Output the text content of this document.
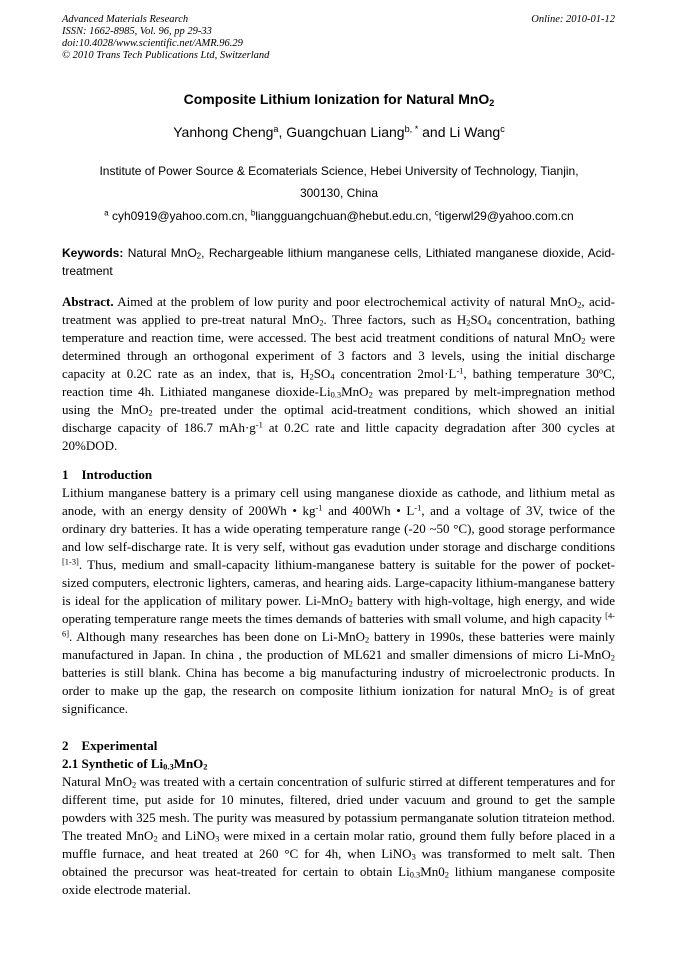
Advanced Materials Research
ISSN: 1662-8985, Vol. 96, pp 29-33
doi:10.4028/www.scientific.net/AMR.96.29
© 2010 Trans Tech Publications Ltd, Switzerland
Online: 2010-01-12
Composite Lithium Ionization for Natural MnO$_2$
Yanhong Cheng$^a$, Guangchuan Liang$^{b, *}$ and Li Wang$^c$
Institute of Power Source & Ecomaterials Science, Hebei University of Technology, Tianjin,
300130, China
$^a$ cyh0919@yahoo.com.cn, $^b$liangguangchuan@hebut.edu.cn, $^c$tigerwl29@yahoo.com.cn
Keywords: Natural MnO$_2$, Rechargeable lithium manganese cells, Lithiated manganese dioxide, Acid-treatment
Abstract. Aimed at the problem of low purity and poor electrochemical activity of natural MnO$_2$, acid-treatment was applied to pre-treat natural MnO$_2$. Three factors, such as $H_2SO_4$ concentration, bathing temperature and reaction time, were accessed. The best acid treatment conditions of natural MnO$_2$ were determined through an orthogonal experiment of 3 factors and 3 levels, using the initial discharge capacity at 0.2C rate as an index, that is, $H_2SO_4$ concentration $2mol\cdot L^{-1}$, bathing temperature 30$^o$C, reaction time 4h. Lithiated manganese dioxide-$Li_{0.3}MnO_2$ was prepared by melt-impregnation method using the MnO$_2$ pre-treated under the optimal acid-treatment conditions, which showed an initial discharge capacity of 186.7 $mAh\cdot g^{-1}$ at 0.2C rate and little capacity degradation after 300 cycles at 20%DOD.
1    Introduction
Lithium manganese battery is a primary cell using manganese dioxide as cathode, and lithium metal as anode, with an energy density of 200Wh • $kg^{-1}$ and 400Wh • $L^{-1}$, and a voltage of 3V, twice of the ordinary dry batteries. It has a wide operating temperature range (-20 ~50 °C), good storage performance and low self-discharge rate. It is very self, without gas evadution under storage and discharge conditions [1-3]. Thus, medium and small-capacity lithium-manganese battery is suitable for the power of pocket-sized computers, electronic lighters, cameras, and hearing aids. Large-capacity lithium-manganese battery is ideal for the application of military power. Li-MnO$_2$ battery with high-voltage, high energy, and wide operating temperature range meets the times demands of batteries with small volume, and high capacity [4-6]. Although many researches has been done on Li-MnO$_2$ battery in 1990s, these batteries were mainly manufactured in Japan. In china , the production of ML621 and smaller dimensions of micro Li-MnO$_2$ batteries is still blank. China has become a big manufacturing industry of microelectronic products. In order to make up the gap, the research on composite lithium ionization for natural MnO$_2$ is of great significance.
2    Experimental
2.1 Synthetic of $Li_{0.3}MnO_2$
Natural MnO$_2$ was treated with a certain concentration of sulfuric stirred at different temperatures and for different time, put aside for 10 minutes, filtered, dried under vacuum and ground to get the sample powders with 325 mesh. The purity was measured by potassium permanganate solution titrateion method. The treated MnO$_2$ and LiNO$_3$ were mixed in a certain molar ratio, ground them fully before placed in a muffle furnace, and heat treated at 260 °C for 4h, when LiNO$_3$ was transformed to melt salt. Then obtained the precursor was heat-treated for certain to obtain $Li_{0.3}Mn0_2$ lithium manganese composite oxide electrode material.
